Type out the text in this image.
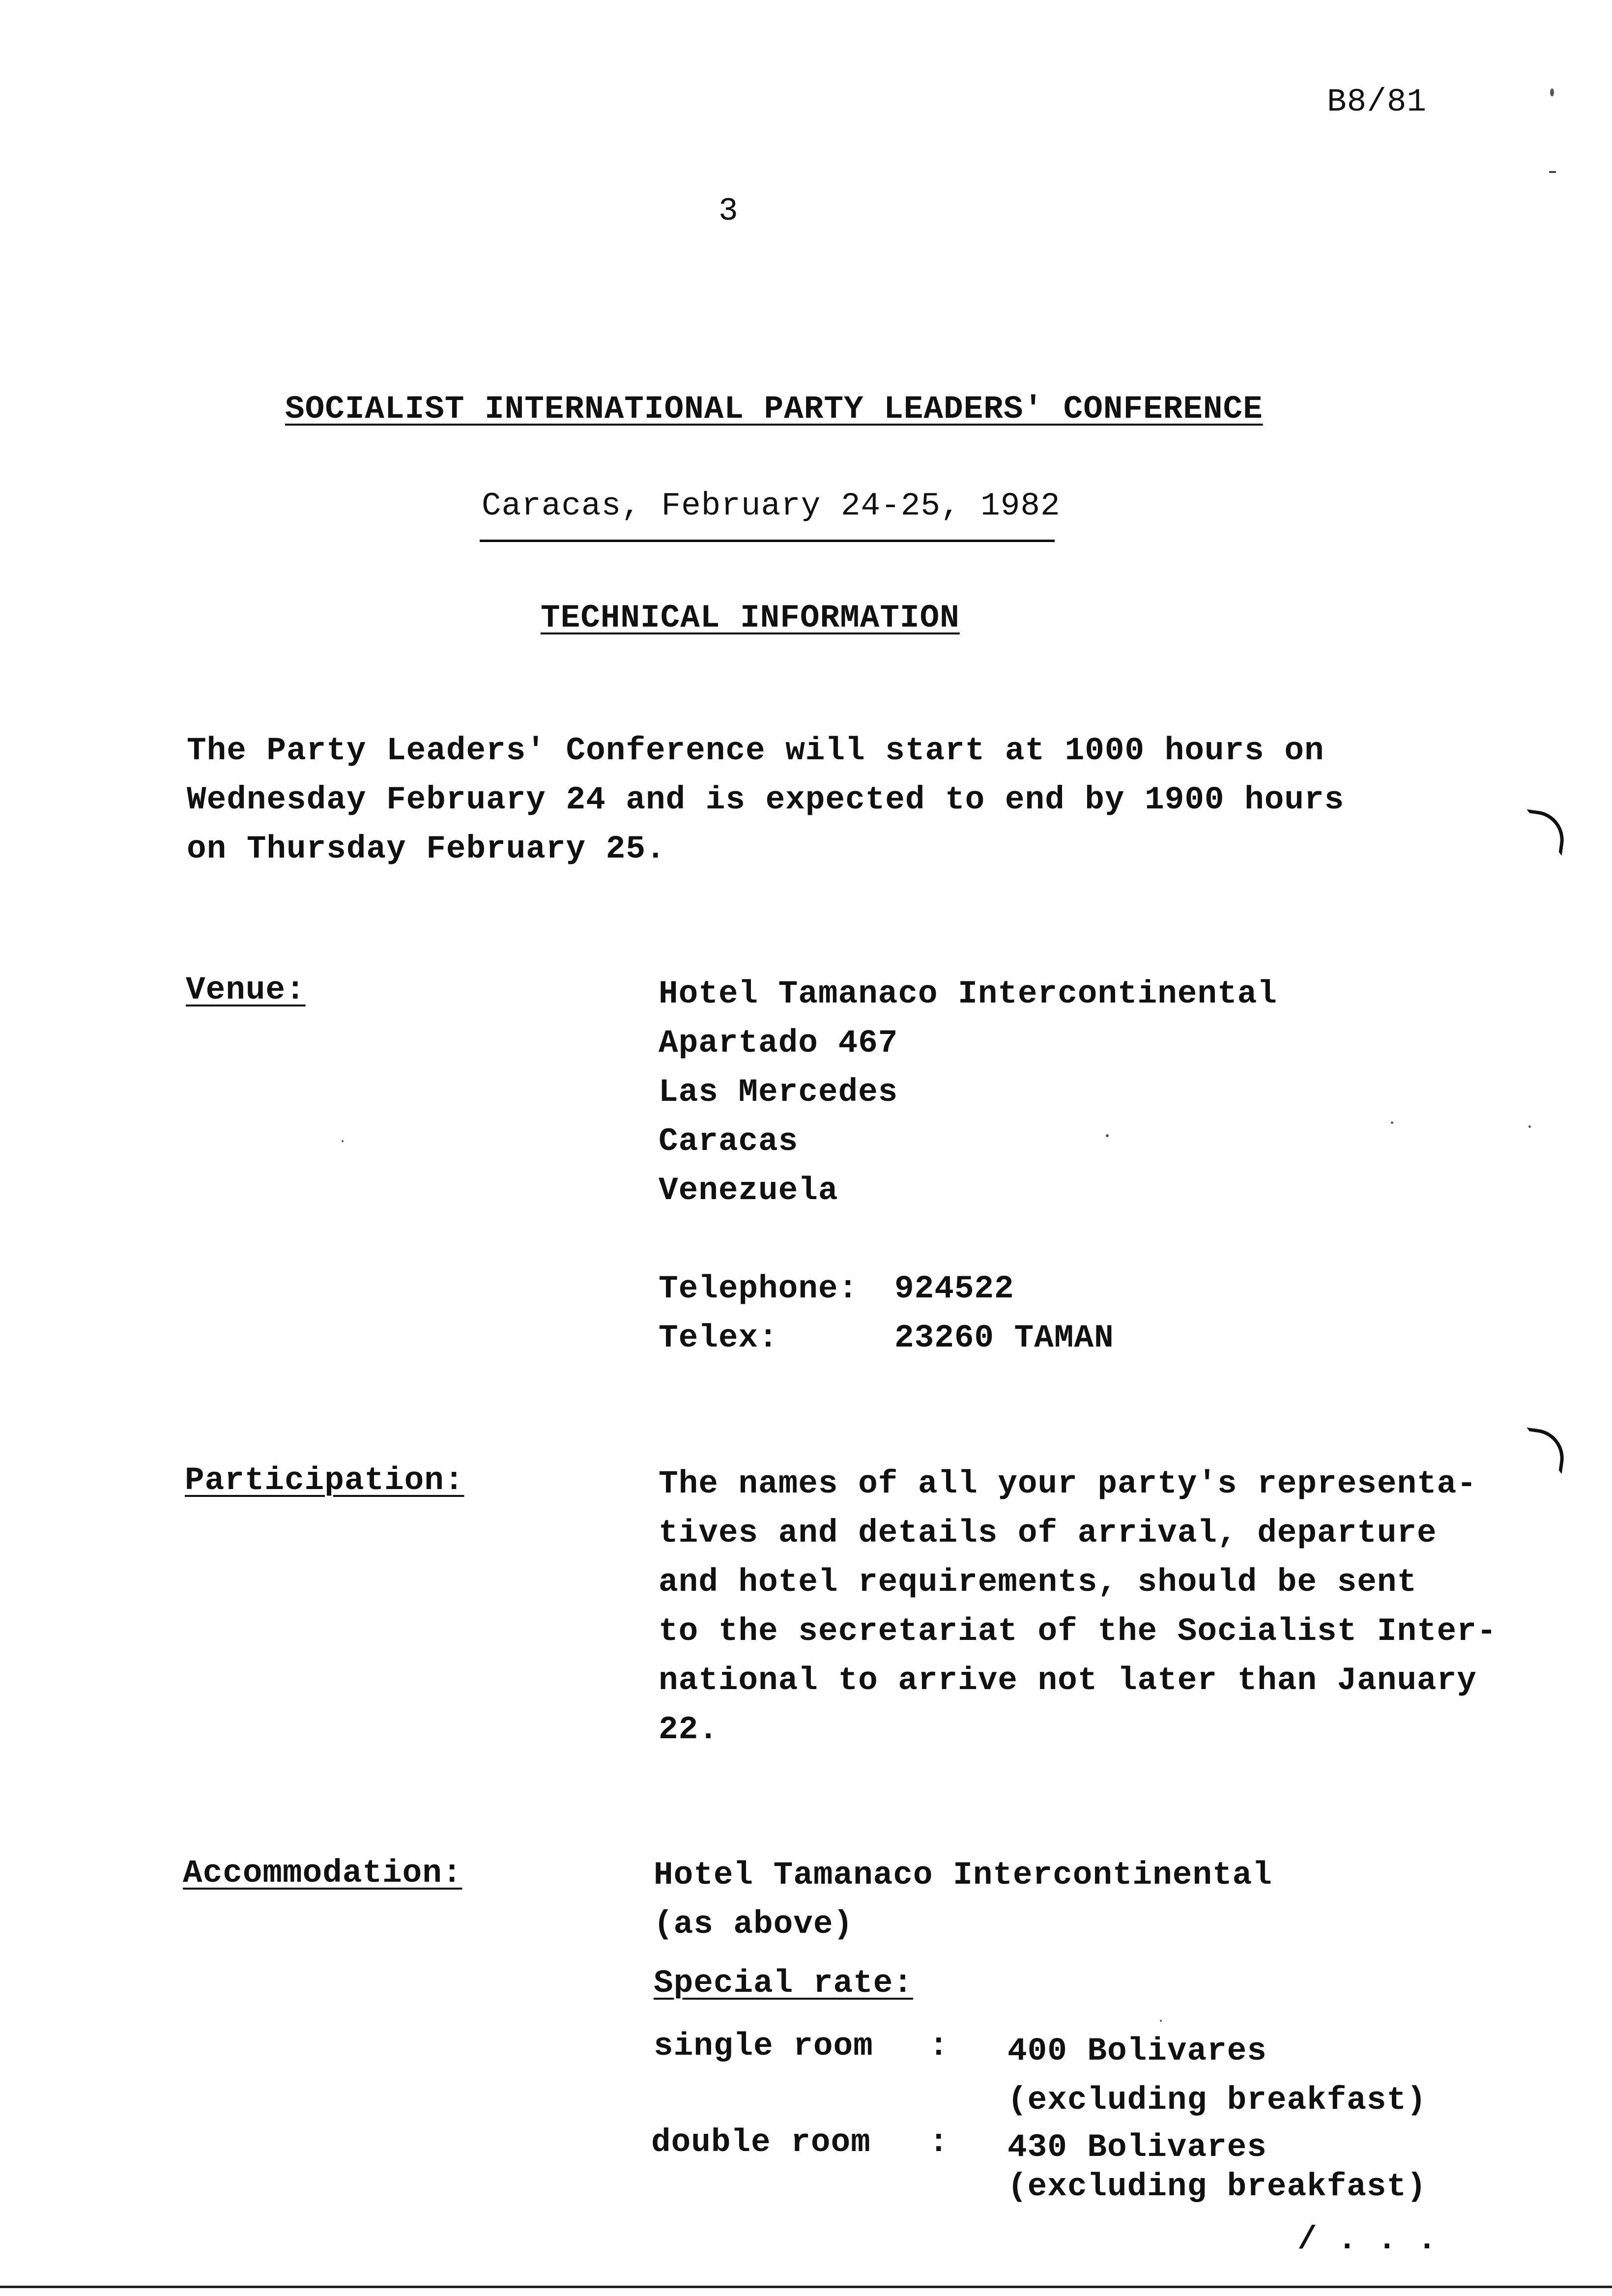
B8/81
3
SOCIALIST INTERNATIONAL PARTY LEADERS' CONFERENCE
Caracas, February 24-25, 1982
TECHNICAL INFORMATION
The Party Leaders' Conference will start at 1000 hours on
Wednesday February 24 and is expected to end by 1900 hours
on Thursday February 25.
Venue:	Hotel Tamanaco Intercontinental
Apartado 467
Las Mercedes
Caracas
Venezuela
Telephone: 924522
Telex:	23260 TAMAN
Participation:	The names of all your party's representa-
tives and details of arrival, departure
and hotel requirements, should be sent
to the secretariat of the Socialist Inter-
national to arrive not later than January
22.
Accommodation:	Hotel Tamanaco Intercontinental
(as above)
Special rate:
single room : 400 Bolivares
(excluding breakfast)
double room : 430 Bolivares
(excluding breakfast)
/ . . .
